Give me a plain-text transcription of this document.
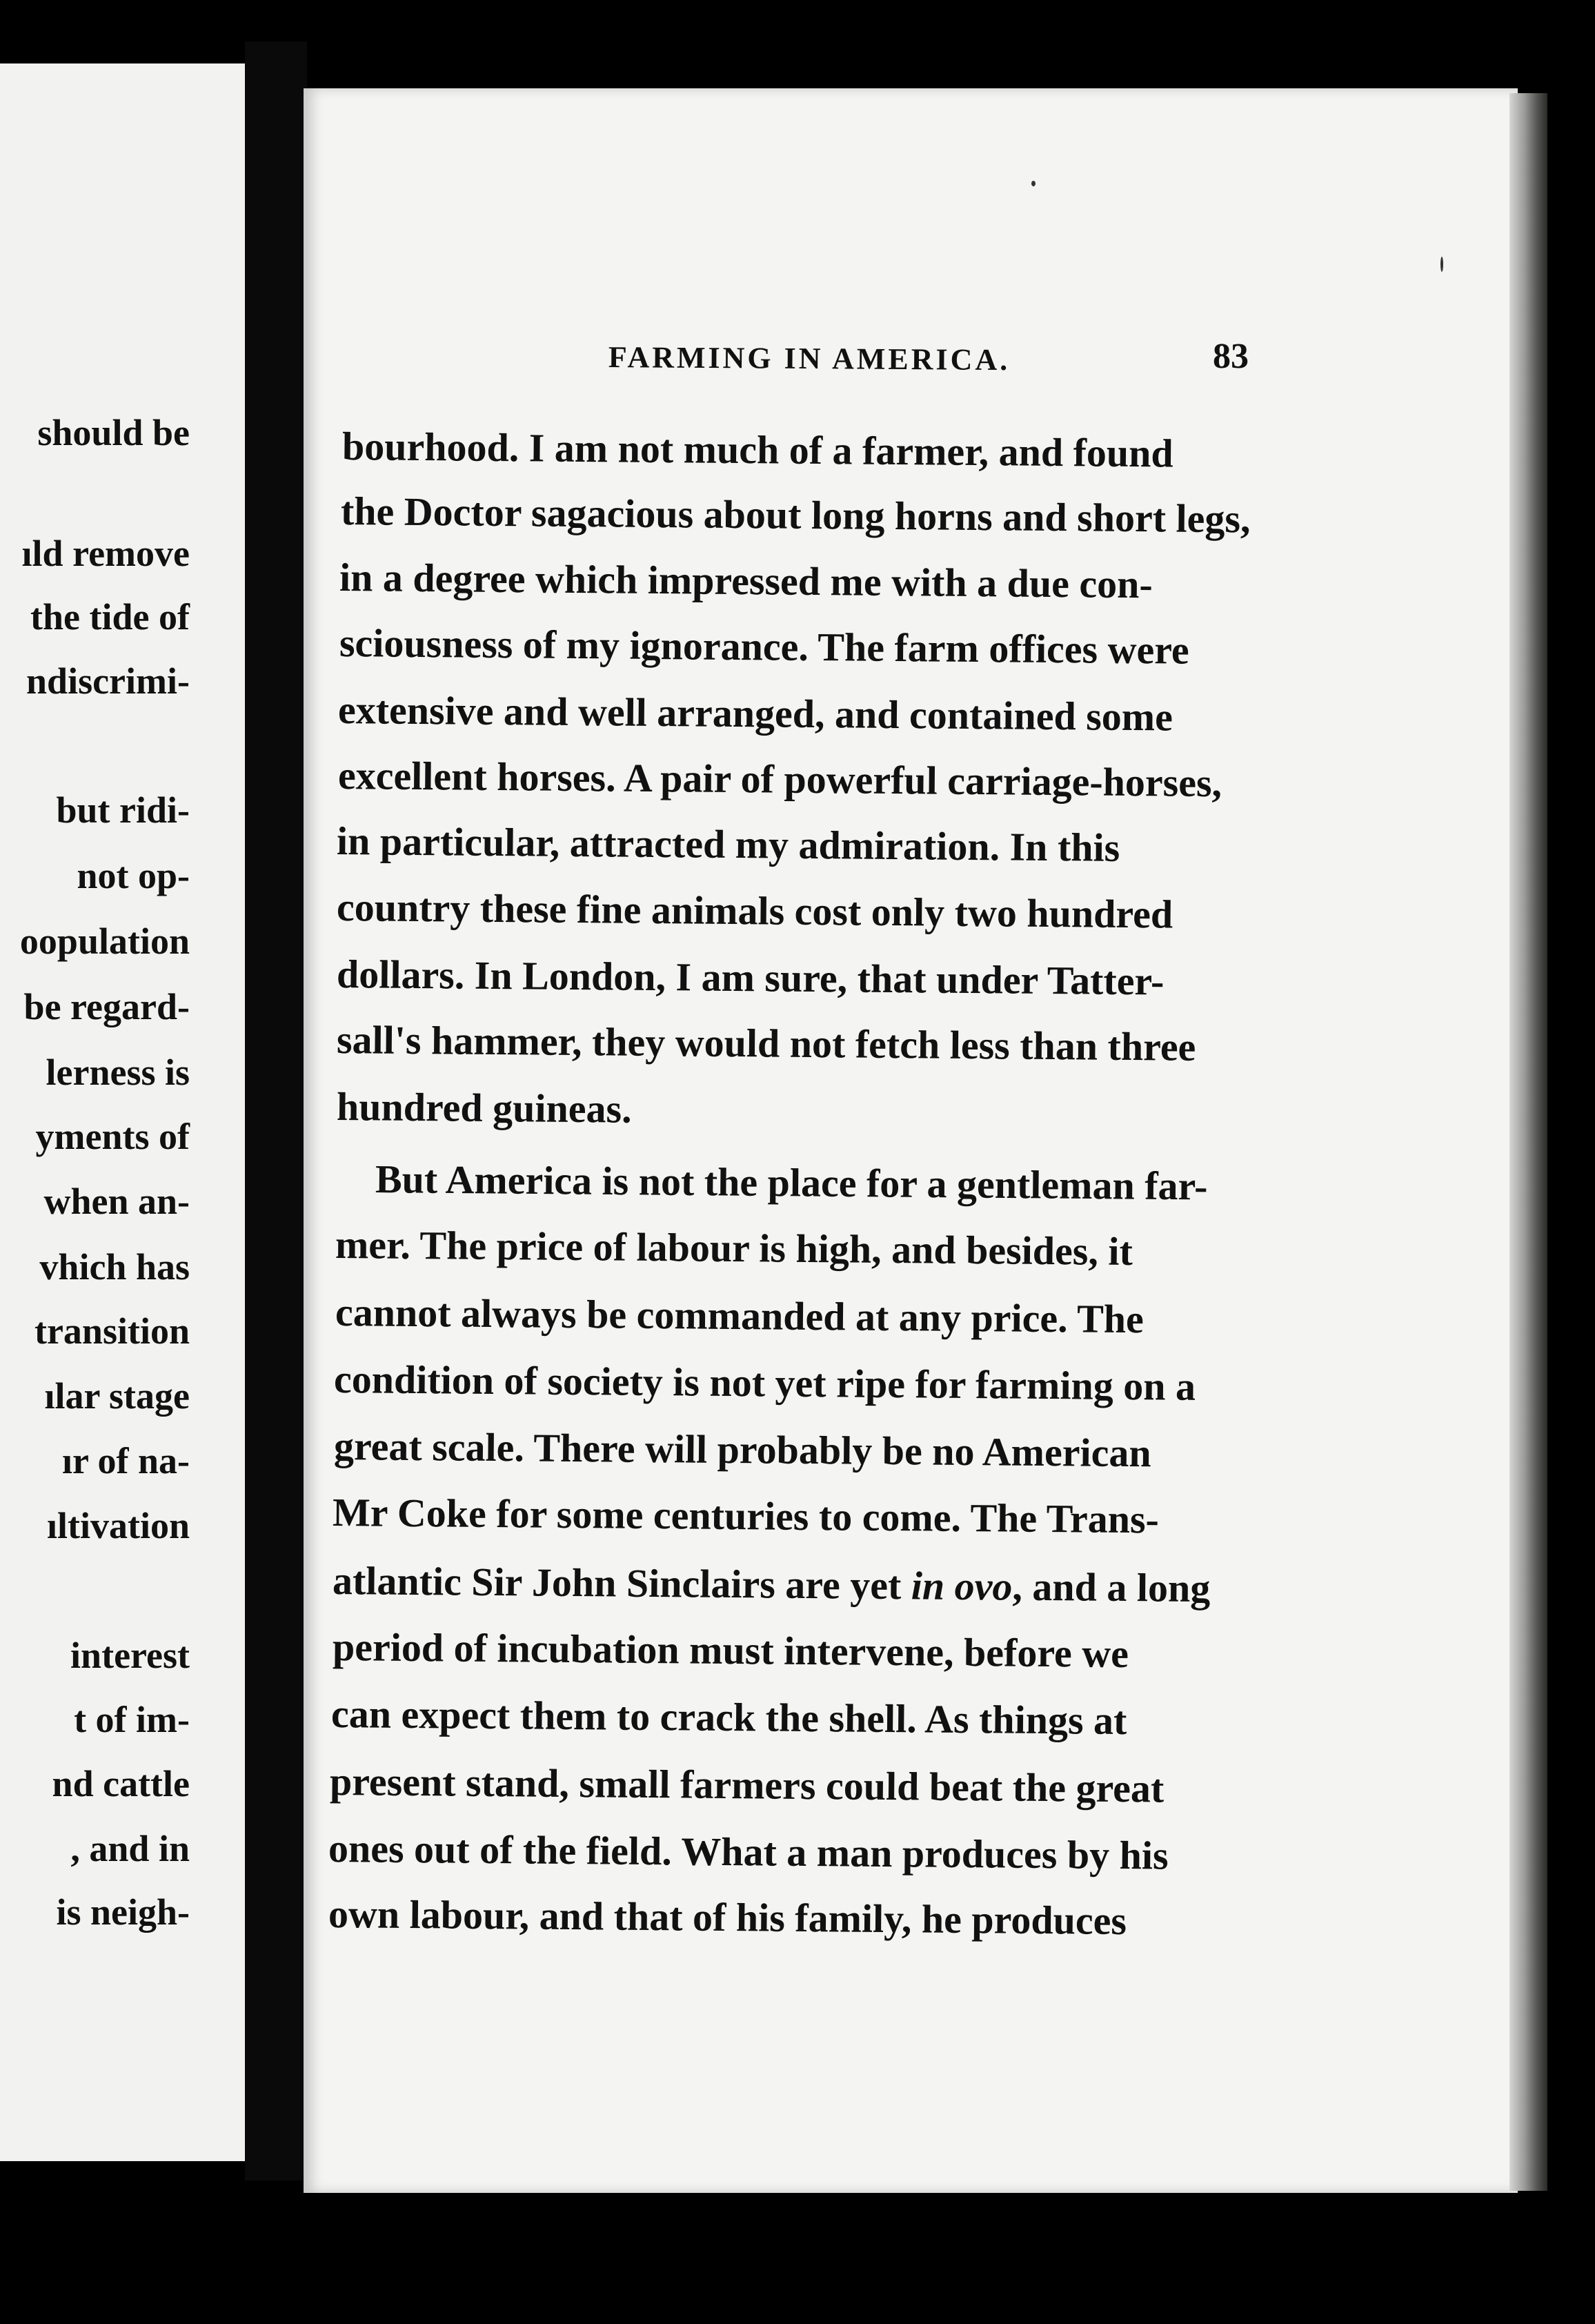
should be
ıld remove
the tide of
ndiscrimi-
but ridi-
not op-
oopulation
be regard-
lerness is
yments of
when an-
vhich has
transition
ılar stage
ır of na-
ıltivation
interest
t of im-
nd cattle
, and in
is neigh-
FARMING IN AMERICA.	83
bourhood. I am not much of a farmer, and found
the Doctor sagacious about long horns and short legs,
in a degree which impressed me with a due con-
sciousness of my ignorance. The farm offices were
extensive and well arranged, and contained some
excellent horses. A pair of powerful carriage-horses,
in particular, attracted my admiration. In this
country these fine animals cost only two hundred
dollars. In London, I am sure, that under Tatter-
sall's hammer, they would not fetch less than three
hundred guineas.
But America is not the place for a gentleman far-
mer. The price of labour is high, and besides, it
cannot always be commanded at any price. The
condition of society is not yet ripe for farming on a
great scale. There will probably be no American
Mr Coke for some centuries to come. The Trans-
atlantic Sir John Sinclairs are yet in ovo, and a long
period of incubation must intervene, before we
can expect them to crack the shell. As things at
present stand, small farmers could beat the great
ones out of the field. What a man produces by his
own labour, and that of his family, he produces
